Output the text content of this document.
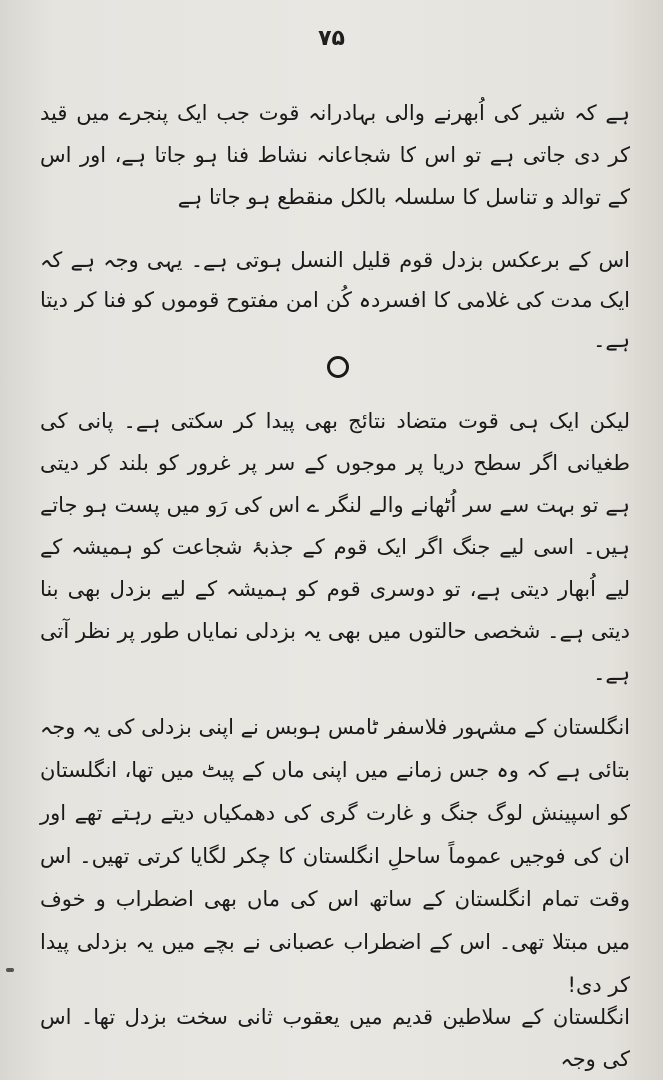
۷۵

ہے کہ شیر کی اُبھرنے والی بہادرانہ قوت جب ایک پنجرے میں قید کر دی جاتی ہے تو اس کا شجاعانہ نشاط فنا ہو جاتا ہے، اور اس کے توالد و تناسل کا سلسلہ بالکل منقطع ہو جاتا ہے

اس کے برعکس بزدل قوم قلیل النسل ہوتی ہے۔ یہی وجہ ہے کہ ایک مدت کی غلامی کا افسردہ کُن امن مفتوح قوموں کو فنا کر دیتا ہے۔

لیکن ایک ہی قوت متضاد نتائج بھی پیدا کر سکتی ہے۔ پانی کی طغیانی اگر سطح دریا پر موجوں کے سر پر غرور کو بلند کر دیتی ہے تو بہت سے سر اُٹھانے والے لنگر ے اس کی رَو میں پست ہو جاتے ہیں۔ اسی لیے جنگ اگر ایک قوم کے جذبۂ شجاعت کو ہمیشہ کے لیے اُبھار دیتی ہے، تو دوسری قوم کو ہمیشہ کے لیے بزدل بھی بنا دیتی ہے۔ شخصی حالتوں میں بھی یہ بزدلی نمایاں طور پر نظر آتی ہے۔

انگلستان کے مشہور فلاسفر ٹامس ہوبس نے اپنی بزدلی کی یہ وجہ بتائی ہے کہ وہ جس زمانے میں اپنی ماں کے پیٹ میں تھا، انگلستان کو اسپینش لوگ جنگ و غارت گری کی دھمکیاں دیتے رہتے تھے اور ان کی فوجیں عموماً ساحلِ انگلستان کا چکر لگایا کرتی تھیں۔ اس وقت تمام انگلستان کے ساتھ اس کی ماں بھی اضطراب و خوف میں مبتلا تھی۔ اس کے اضطراب عصبانی نے بچے میں یہ بزدلی پیدا کر دی!

انگلستان کے سلاطین قدیم میں یعقوب ثانی سخت بزدل تھا۔ اس کی وجہ
